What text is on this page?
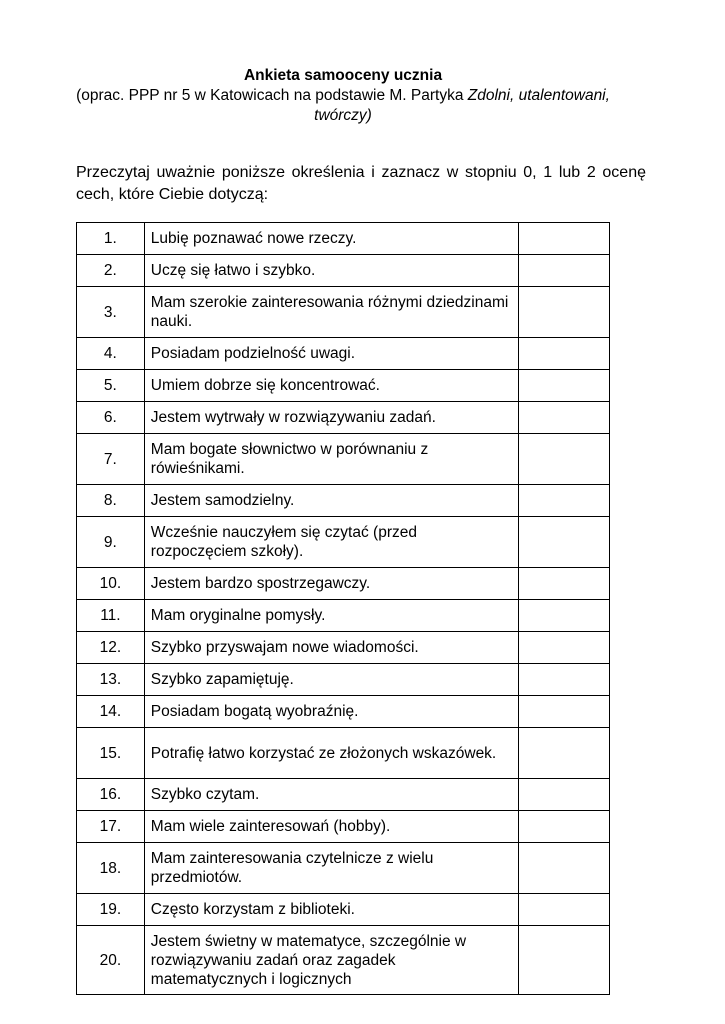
Ankieta samooceny ucznia
(oprac. PPP nr 5 w Katowicach na podstawie M. Partyka Zdolni, utalentowani, twórczy)
Przeczytaj uważnie poniższe określenia i zaznacz w stopniu 0, 1 lub 2 ocenę cech, które Ciebie dotyczą:
1.	Lubię poznawać nowe rzeczy.	
2.	Uczę się łatwo i szybko.	
3.	Mam szerokie zainteresowania różnymi dziedzinami nauki.	
4.	Posiadam podzielność uwagi.	
5.	Umiem dobrze się koncentrować.	
6.	Jestem wytrwały w rozwiązywaniu zadań.	
7.	Mam bogate słownictwo w porównaniu z rówieśnikami.	
8.	Jestem samodzielny.	
9.	Wcześnie nauczyłem się czytać (przed rozpoczęciem szkoły).	
10.	Jestem bardzo spostrzegawczy.	
11.	Mam oryginalne pomysły.	
12.	Szybko przyswajam nowe wiadomości.	
13.	Szybko zapamiętuję.	
14.	Posiadam bogatą wyobraźnię.	
15.	Potrafię łatwo korzystać ze złożonych wskazówek.	
16.	Szybko czytam.	
17.	Mam wiele zainteresowań (hobby).	
18.	Mam zainteresowania czytelnicze z wielu przedmiotów.	
19.	Często korzystam z biblioteki.	
20.	Jestem świetny w matematyce, szczególnie w rozwiązywaniu zadań oraz zagadek matematycznych i logicznych	
